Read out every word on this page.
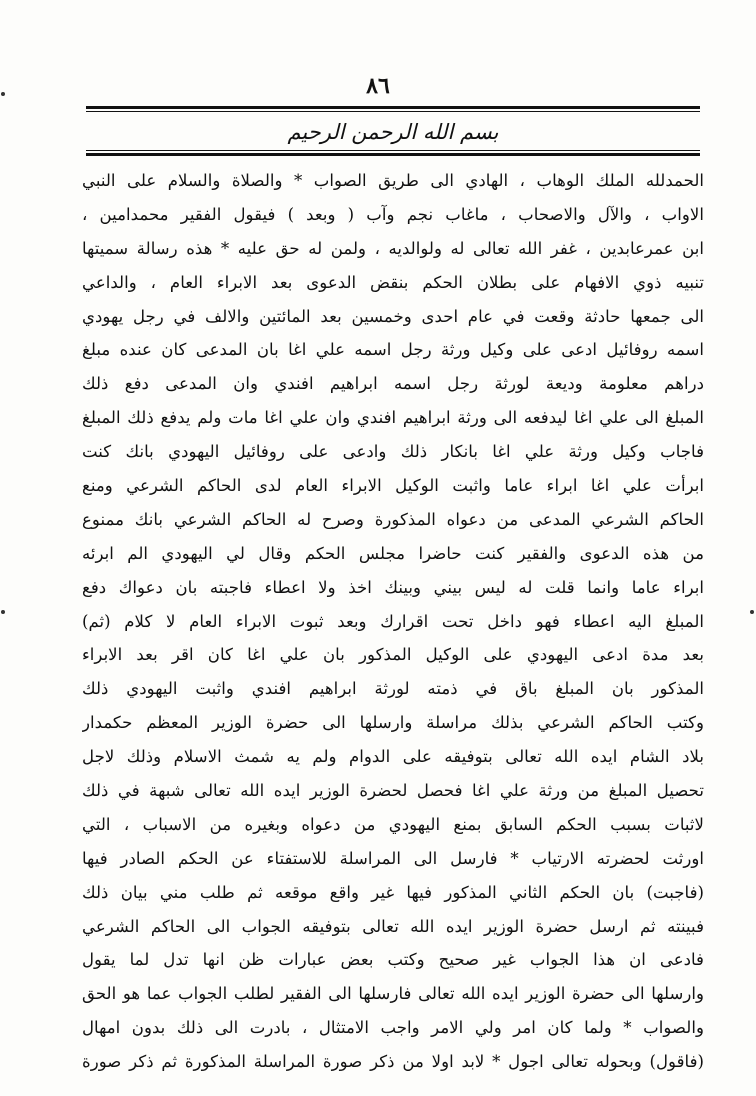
٨٦
بسم الله الرحمن الرحيم
الحمدلله الملك الوهاب ، الهادي الى طريق الصواب * والصلاة والسلام على النبي
الاواب ، والآل والاصحاب ، ماغاب نجم وآب ( وبعد ) فيقول الفقير محمدامين ،
ابن عمرعابدين ، غفر الله تعالى له ولوالديه ، ولمن له حق عليه * هذه رسالة سميتها
تنبيه ذوي الافهام على بطلان الحكم بنقض الدعوى بعد الابراء العام ، والداعي
الى جمعها حادثة وقعت في عام احدى وخمسين بعد المائتين والالف في رجل يهودي
اسمه روفائيل ادعى على وكيل ورثة رجل اسمه علي اغا بان المدعى كان عنده مبلغ
دراهم معلومة وديعة لورثة رجل اسمه ابراهيم افندي وان المدعى دفع ذلك
المبلغ الى علي اغا ليدفعه الى ورثة ابراهيم افندي وان علي اغا مات ولم يدفع ذلك المبلغ
فاجاب وكيل ورثة علي اغا بانكار ذلك وادعى على روفائيل اليهودي بانك كنت
ابرأت علي اغا ابراء عاما واثبت الوكيل الابراء العام لدى الحاكم الشرعي ومنع
الحاكم الشرعي المدعى من دعواه المذكورة وصرح له الحاكم الشرعي بانك ممنوع
من هذه الدعوى والفقير كنت حاضرا مجلس الحكم وقال لي اليهودي الم ابرئه
ابراء عاما وانما قلت له ليس بيني وبينك اخذ ولا اعطاء فاجبته بان دعواك دفع
المبلغ اليه اعطاء فهو داخل تحت اقرارك وبعد ثبوت الابراء العام لا كلام (ثم)
بعد مدة ادعى اليهودي على الوكيل المذكور بان علي اغا كان اقر بعد الابراء
المذكور بان المبلغ باق في ذمته لورثة ابراهيم افندي واثبت اليهودي ذلك
وكتب الحاكم الشرعي بذلك مراسلة وارسلها الى حضرة الوزير المعظم حكمدار
بلاد الشام ايده الله تعالى بتوفيقه على الدوام ولم يه شمث الاسلام وذلك لاجل
تحصيل المبلغ من ورثة علي اغا فحصل لحضرة الوزير ايده الله تعالى شبهة في ذلك
لاثبات بسبب الحكم السابق بمنع اليهودي من دعواه وبغيره من الاسباب ، التي
اورثت لحضرته الارتياب * فارسل الى المراسلة للاستفتاء عن الحكم الصادر فيها
(فاجبت) بان الحكم الثاني المذكور فيها غير واقع موقعه ثم طلب مني بيان ذلك
فبينته ثم ارسل حضرة الوزير ايده الله تعالى بتوفيقه الجواب الى الحاكم الشرعي
فادعى ان هذا الجواب غير صحيح وكتب بعض عبارات ظن انها تدل لما يقول
وارسلها الى حضرة الوزير ايده الله تعالى فارسلها الى الفقير لطلب الجواب عما هو الحق
والصواب * ولما كان امر ولي الامر واجب الامتثال ، بادرت الى ذلك بدون امهال
(فاقول) وبحوله تعالى اجول * لابد اولا من ذكر صورة المراسلة المذكورة ثم ذكر صورة
